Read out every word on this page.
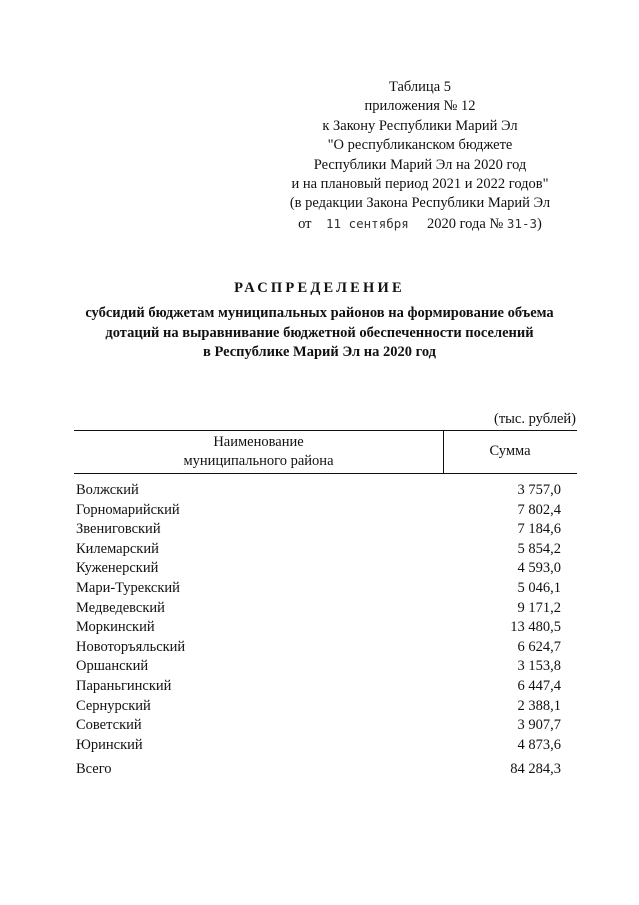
Таблица 5
приложения № 12
к Закону Республики Марий Эл
"О республиканском бюджете
Республики Марий Эл на 2020 год
и на плановый период 2021 и 2022 годов"
(в редакции Закона Республики Марий Эл
от 11 сентября 2020 года № 31-З)
РАСПРЕДЕЛЕНИЕ
субсидий бюджетам муниципальных районов на формирование объема
дотаций на выравнивание бюджетной обеспеченности поселений
в Республике Марий Эл на 2020 год
(тыс. рублей)
Наименование
муниципального района
Сумма
Волжский	3 757,0
Горномарийский	7 802,4
Звениговский	7 184,6
Килемарский	5 854,2
Куженерский	4 593,0
Мари-Турекский	5 046,1
Медведевский	9 171,2
Моркинский	13 480,5
Новоторъяльский	6 624,7
Оршанский	3 153,8
Параньгинский	6 447,4
Сернурский	2 388,1
Советский	3 907,7
Юринский	4 873,6
Всего	84 284,3
